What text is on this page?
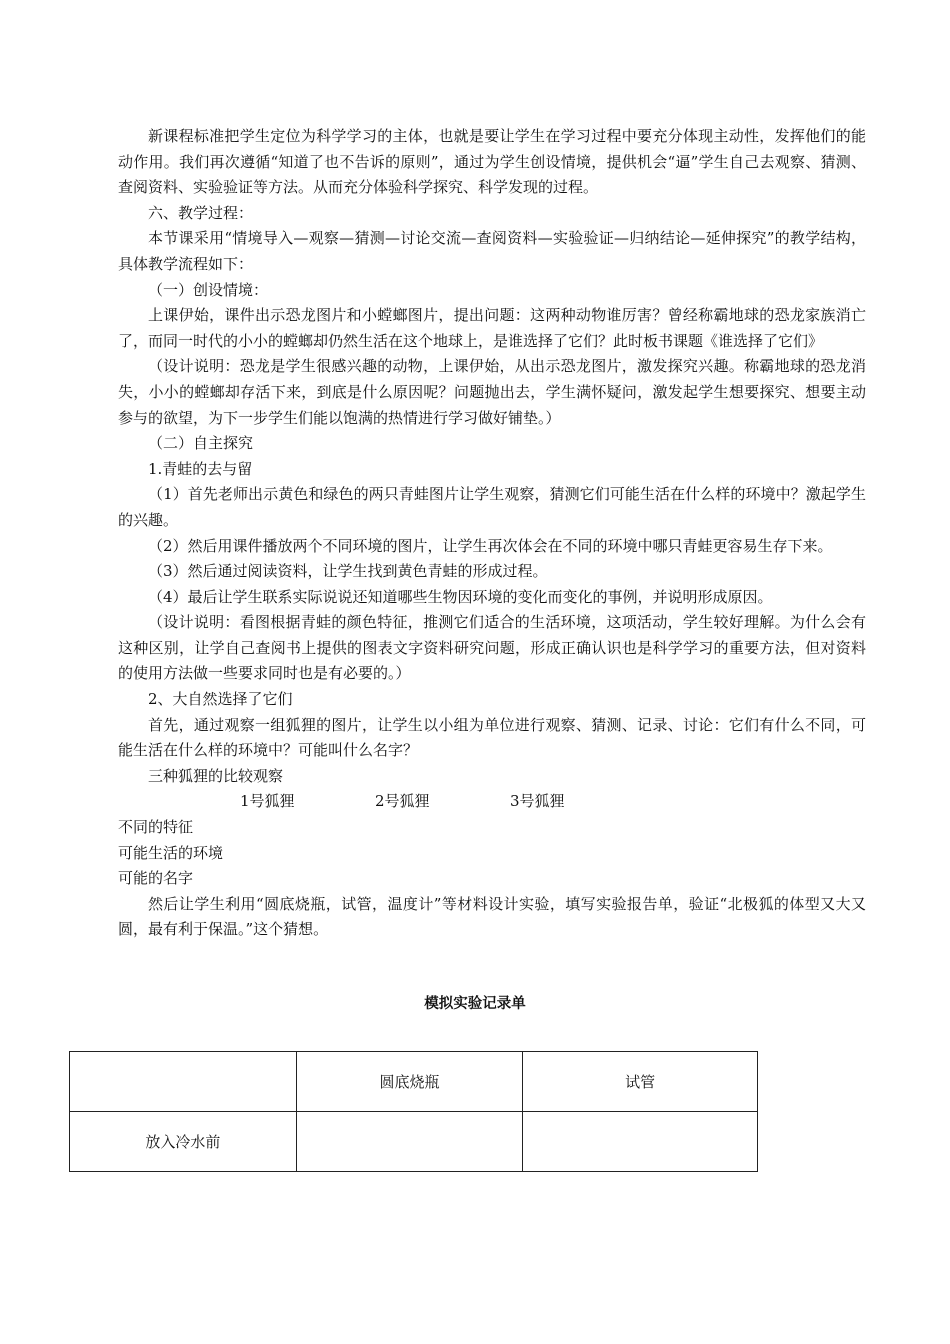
新课程标准把学生定位为科学学习的主体，也就是要让学生在学习过程中要充分体现主动性，发挥他们的能动作用。我们再次遵循“知道了也不告诉的原则”，通过为学生创设情境，提供机会“逼”学生自己去观察、猜测、查阅资料、实验验证等方法。从而充分体验科学探究、科学发现的过程。

六、教学过程：

本节课采用“情境导入—观察—猜测—讨论交流—查阅资料—实验验证—归纳结论—延伸探究”的教学结构，具体教学流程如下：

（一）创设情境：

上课伊始，课件出示恐龙图片和小螳螂图片，提出问题：这两种动物谁厉害？曾经称霸地球的恐龙家族消亡了，而同一时代的小小的螳螂却仍然生活在这个地球上，是谁选择了它们？此时板书课题《谁选择了它们》

（设计说明：恐龙是学生很感兴趣的动物，上课伊始，从出示恐龙图片，激发探究兴趣。称霸地球的恐龙消失，小小的螳螂却存活下来，到底是什么原因呢？问题抛出去，学生满怀疑问，激发起学生想要探究、想要主动参与的欲望，为下一步学生们能以饱满的热情进行学习做好铺垫。）

（二）自主探究

1.青蛙的去与留

（1）首先老师出示黄色和绿色的两只青蛙图片让学生观察，猜测它们可能生活在什么样的环境中？激起学生的兴趣。

（2）然后用课件播放两个不同环境的图片，让学生再次体会在不同的环境中哪只青蛙更容易生存下来。

（3）然后通过阅读资料，让学生找到黄色青蛙的形成过程。

（4）最后让学生联系实际说说还知道哪些生物因环境的变化而变化的事例，并说明形成原因。

（设计说明：看图根据青蛙的颜色特征，推测它们适合的生活环境，这项活动，学生较好理解。为什么会有这种区别，让学自己查阅书上提供的图表文字资料研究问题，形成正确认识也是科学学习的重要方法，但对资料的使用方法做一些要求同时也是有必要的。）

2、大自然选择了它们

首先，通过观察一组狐狸的图片，让学生以小组为单位进行观察、猜测、记录、讨论：它们有什么不同，可能生活在什么样的环境中？可能叫什么名字？

三种狐狸的比较观察

1号狐狸	2号狐狸	3号狐狸

不同的特征

可能生活的环境

可能的名字

然后让学生利用“圆底烧瓶，试管，温度计”等材料设计实验，填写实验报告单，验证“北极狐的体型又大又圆，最有利于保温。”这个猜想。

模拟实验记录单
	圆底烧瓶	试管
放入冷水前		
